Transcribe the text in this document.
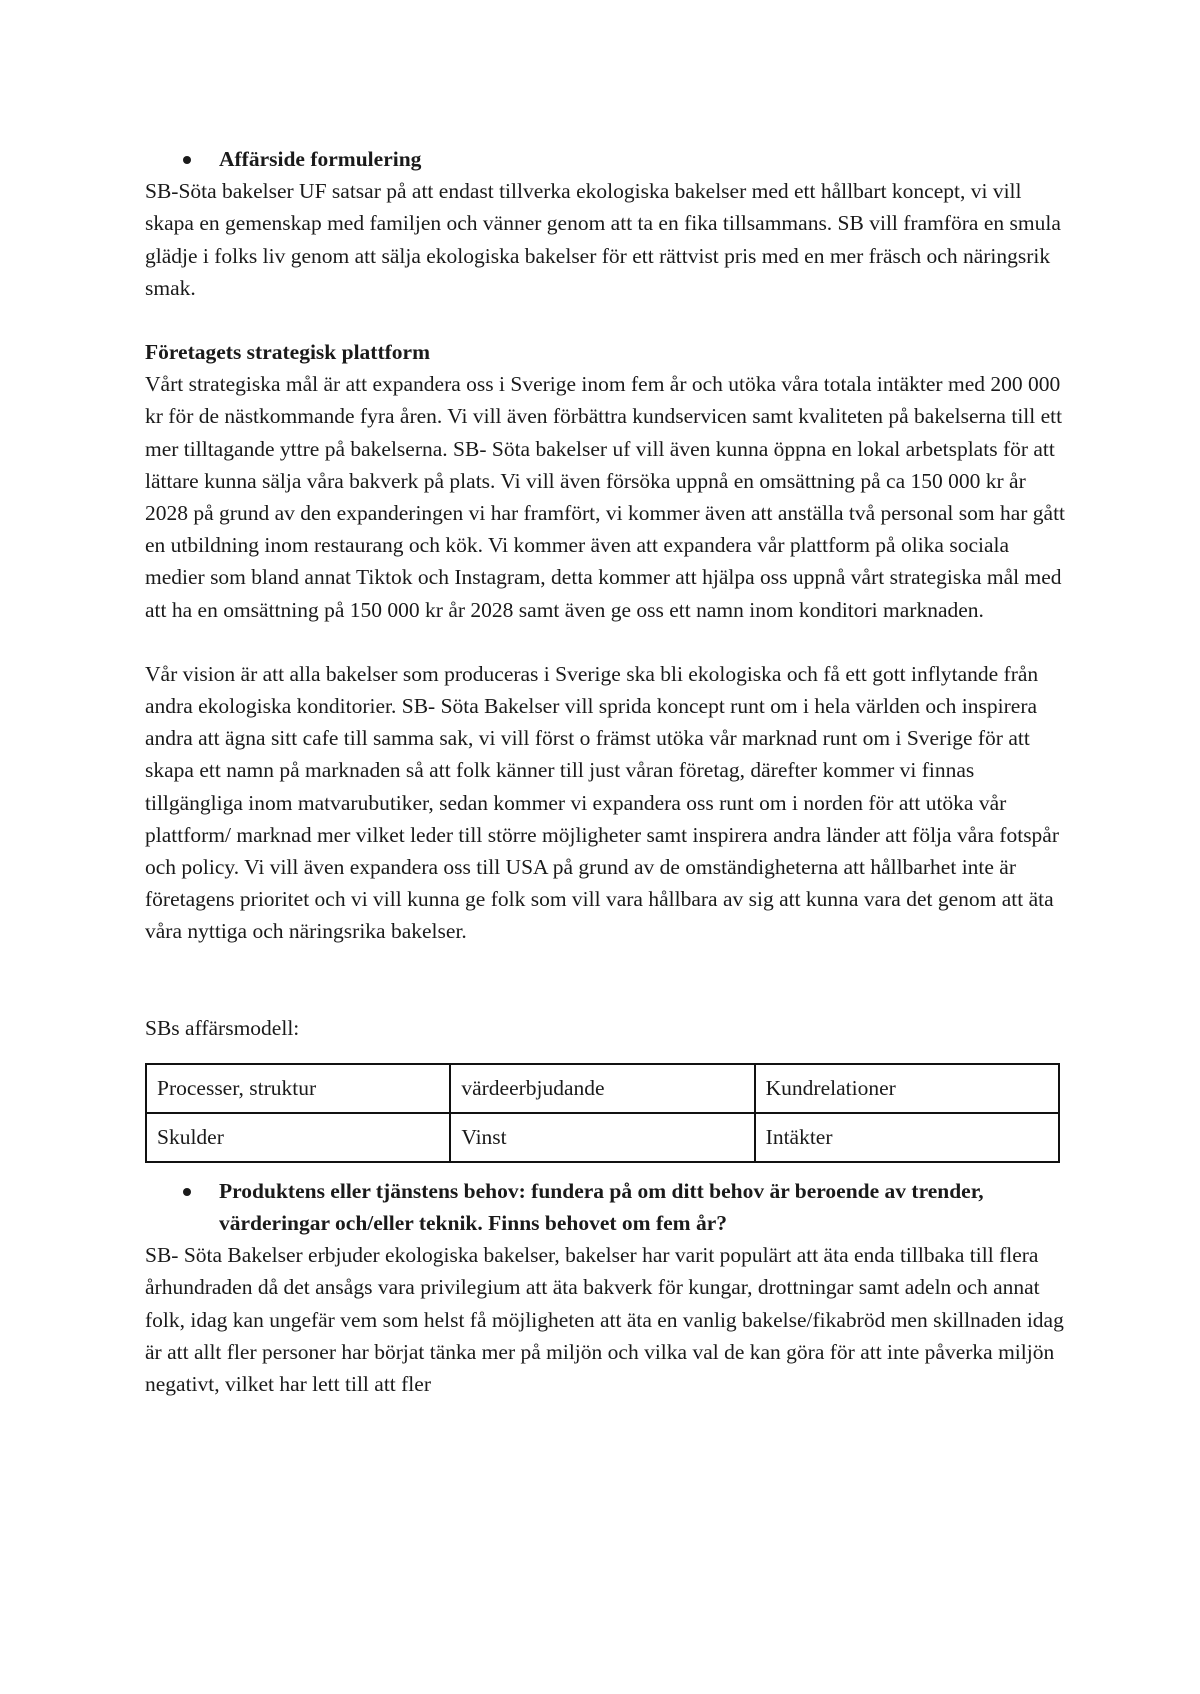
Affärside formulering

SB-Söta bakelser UF satsar på att endast tillverka ekologiska bakelser med ett hållbart koncept, vi vill skapa en gemenskap med familjen och vänner genom att ta en fika tillsammans. SB vill framföra en smula glädje i folks liv genom att sälja ekologiska bakelser för ett rättvist pris med en mer fräsch och näringsrik smak.

Företagets strategisk plattform

Vårt strategiska mål är att expandera oss i Sverige inom fem år och utöka våra totala intäkter med 200 000 kr för de nästkommande fyra åren. Vi vill även förbättra kundservicen samt kvaliteten på bakelserna till ett mer tilltagande yttre på bakelserna. SB- Söta bakelser uf vill även kunna öppna en lokal arbetsplats för att lättare kunna sälja våra bakverk på plats. Vi vill även försöka uppnå en omsättning på ca 150 000 kr år 2028 på grund av den expanderingen vi har framfört, vi kommer även att anställa två personal som har gått en utbildning inom restaurang och kök. Vi kommer även att expandera vår plattform på olika sociala medier som bland annat Tiktok och Instagram, detta kommer att hjälpa oss uppnå vårt strategiska mål med att ha en omsättning på 150 000 kr år 2028 samt även ge oss ett namn inom konditori marknaden.

Vår vision är att alla bakelser som produceras i Sverige ska bli ekologiska och få ett gott inflytande från andra ekologiska konditorier. SB- Söta Bakelser vill sprida koncept runt om i hela världen och inspirera andra att ägna sitt cafe till samma sak, vi vill först o främst utöka vår marknad runt om i Sverige för att skapa ett namn på marknaden så att folk känner till just våran företag, därefter kommer vi finnas tillgängliga inom matvarubutiker, sedan kommer vi expandera oss runt om i norden för att utöka vår plattform/ marknad mer vilket leder till större möjligheter samt inspirera andra länder att följa våra fotspår och policy. Vi vill även expandera oss till USA på grund av de omständigheterna att hållbarhet inte är företagens prioritet och vi vill kunna ge folk som vill vara hållbara av sig att kunna vara det genom att äta våra nyttiga och näringsrika bakelser.

SBs affärsmodell:

Processer, struktur	värdeerbjudande	Kundrelationer
Skulder	Vinst	Intäkter

Produktens eller tjänstens behov: fundera på om ditt behov är beroende av trender, värderingar och/eller teknik. Finns behovet om fem år?

SB- Söta Bakelser erbjuder ekologiska bakelser, bakelser har varit populärt att äta enda tillbaka till flera århundraden då det ansågs vara privilegium att äta bakverk för kungar, drottningar samt adeln och annat folk, idag kan ungefär vem som helst få möjligheten att äta en vanlig bakelse/fikabröd men skillnaden idag är att allt fler personer har börjat tänka mer på miljön och vilka val de kan göra för att inte påverka miljön negativt, vilket har lett till att fler
